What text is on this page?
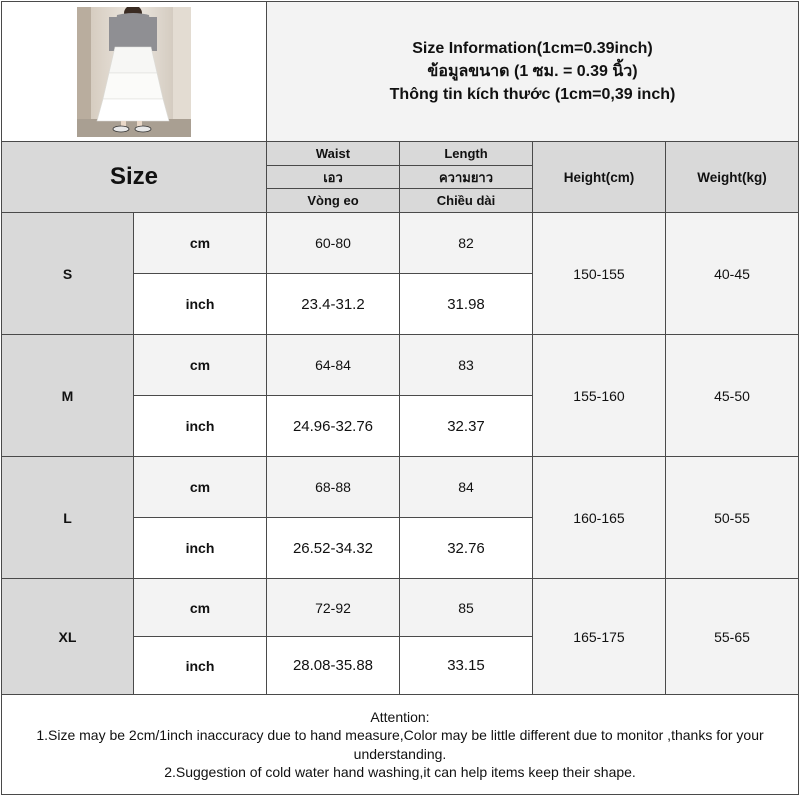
Size Information(1cm=0.39inch)
ข้อมูลขนาด (1 ซม. = 0.39 นิ้ว)
Thông tin kích thước (1cm=0,39 inch)			

Size		Waist	Length	Height(cm)	Weight(kg)
		เอว	ความยาว		
		Vòng eo	Chiều dài		
S	cm	60-80	82	150-155	40-45
	inch	23.4-31.2	31.98		
M	cm	64-84	83	155-160	45-50
	inch	24.96-32.76	32.37		
L	cm	68-88	84	160-165	50-55
	inch	26.52-34.32	32.76		
XL	cm	72-92	85	165-175	55-65
	inch	28.08-35.88	33.15		

Attention:
1.Size may be 2cm/1inch inaccuracy due to hand measure,Color may be little different due to monitor ,thanks for your understanding.
2.Suggestion of cold water hand washing,it can help items keep their shape.					
